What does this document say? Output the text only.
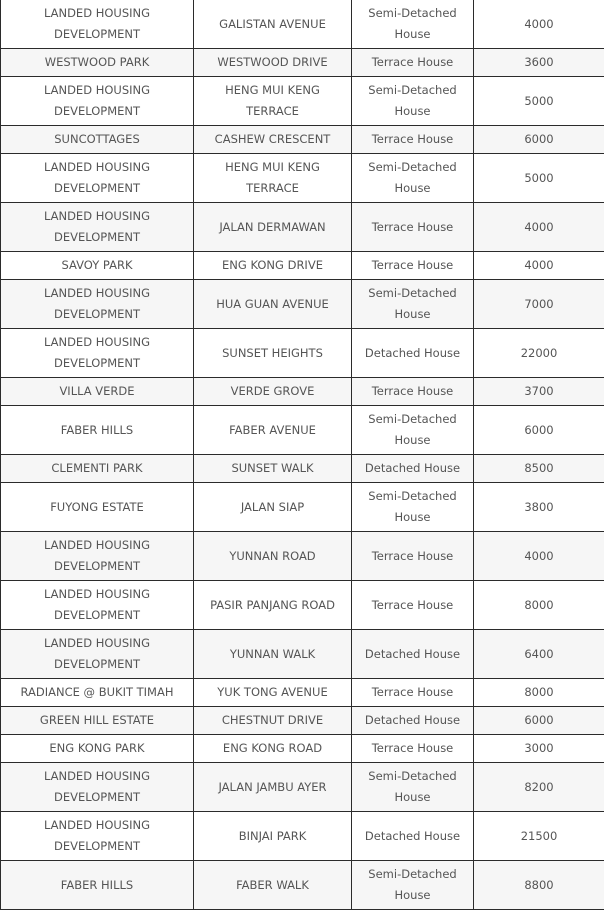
LANDED HOUSING DEVELOPMENT	GALISTAN AVENUE	Semi-Detached House	4000
WESTWOOD PARK	WESTWOOD DRIVE	Terrace House	3600
LANDED HOUSING DEVELOPMENT	HENG MUI KENG TERRACE	Semi-Detached House	5000
SUNCOTTAGES	CASHEW CRESCENT	Terrace House	6000
LANDED HOUSING DEVELOPMENT	HENG MUI KENG TERRACE	Semi-Detached House	5000
LANDED HOUSING DEVELOPMENT	JALAN DERMAWAN	Terrace House	4000
SAVOY PARK	ENG KONG DRIVE	Terrace House	4000
LANDED HOUSING DEVELOPMENT	HUA GUAN AVENUE	Semi-Detached House	7000
LANDED HOUSING DEVELOPMENT	SUNSET HEIGHTS	Detached House	22000
VILLA VERDE	VERDE GROVE	Terrace House	3700
FABER HILLS	FABER AVENUE	Semi-Detached House	6000
CLEMENTI PARK	SUNSET WALK	Detached House	8500
FUYONG ESTATE	JALAN SIAP	Semi-Detached House	3800
LANDED HOUSING DEVELOPMENT	YUNNAN ROAD	Terrace House	4000
LANDED HOUSING DEVELOPMENT	PASIR PANJANG ROAD	Terrace House	8000
LANDED HOUSING DEVELOPMENT	YUNNAN WALK	Detached House	6400
RADIANCE @ BUKIT TIMAH	YUK TONG AVENUE	Terrace House	8000
GREEN HILL ESTATE	CHESTNUT DRIVE	Detached House	6000
ENG KONG PARK	ENG KONG ROAD	Terrace House	3000
LANDED HOUSING DEVELOPMENT	JALAN JAMBU AYER	Semi-Detached House	8200
LANDED HOUSING DEVELOPMENT	BINJAI PARK	Detached House	21500
FABER HILLS	FABER WALK	Semi-Detached House	8800
